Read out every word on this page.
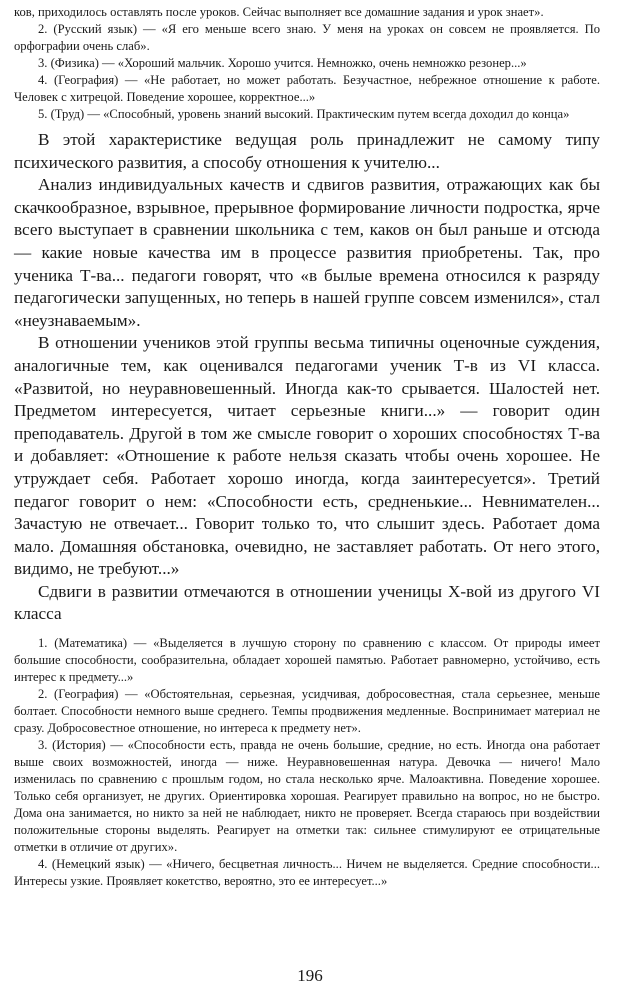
ков, приходилось оставлять после уроков. Сейчас выполняет все домашние задания и урок знает».

2. (Русский язык) — «Я его меньше всего знаю. У меня на уроках он совсем не проявляется. По орфографии очень слаб».

3. (Физика) — «Хороший мальчик. Хорошо учится. Немножко, очень немножко резонер...»

4. (География) — «Не работает, но может работать. Безучастное, небрежное отношение к работе. Человек с хитрецой. Поведение хорошее, корректное...»

5. (Труд) — «Способный, уровень знаний высокий. Практическим путем всегда доходил до конца»

В этой характеристике ведущая роль принадлежит не самому типу психического развития, а способу отношения к учителю...

Анализ индивидуальных качеств и сдвигов развития, отражающих как бы скачкообразное, взрывное, прерывное формирование личности подростка, ярче всего выступает в сравнении школьника с тем, каков он был раньше и отсюда — какие новые качества им в процессе развития приобретены. Так, про ученика Т-ва... педагоги говорят, что «в былые времена относился к разряду педагогически запущенных, но теперь в нашей группе совсем изменился», стал «неузнаваемым».

В отношении учеников этой группы весьма типичны оценочные суждения, аналогичные тем, как оценивался педагогами ученик Т-в из VI класса. «Развитой, но неуравновешенный. Иногда как-то срывается. Шалостей нет. Предметом интересуется, читает серьезные книги...» — говорит один преподаватель. Другой в том же смысле говорит о хороших способностях Т-ва и добавляет: «Отношение к работе нельзя сказать чтобы очень хорошее. Не утруждает себя. Работает хорошо иногда, когда заинтересуется». Третий педагог говорит о нем: «Способности есть, средненькие... Невнимателен... Зачастую не отвечает... Говорит только то, что слышит здесь. Работает дома мало. Домашняя обстановка, очевидно, не заставляет работать. От него этого, видимо, не требуют...»

Сдвиги в развитии отмечаются в отношении ученицы Х-вой из другого VI класса

1. (Математика) — «Выделяется в лучшую сторону по сравнению с классом. От природы имеет большие способности, сообразительна, обладает хорошей памятью. Работает равномерно, устойчиво, есть интерес к предмету...»

2. (География) — «Обстоятельная, серьезная, усидчивая, добросовестная, стала серьезнее, меньше болтает. Способности немного выше среднего. Темпы продвижения медленные. Воспринимает материал не сразу. Добросовестное отношение, но интереса к предмету нет».

3. (История) — «Способности есть, правда не очень большие, средние, но есть. Иногда она работает выше своих возможностей, иногда — ниже. Неуравновешенная натура. Девочка — ничего! Мало изменилась по сравнению с прошлым годом, но стала несколько ярче. Малоактивна. Поведение хорошее. Только себя организует, не других. Ориентировка хорошая. Реагирует правильно на вопрос, но не быстро. Дома она занимается, но никто за ней не наблюдает, никто не проверяет. Всегда стараюсь при воздействии положительные стороны выделять. Реагирует на отметки так: сильнее стимулируют ее отрицательные отметки в отличие от других».

4. (Немецкий язык) — «Ничего, бесцветная личность... Ничем не выделяется. Средние способности... Интересы узкие. Проявляет кокетство, вероятно, это ее интересует...»

196
